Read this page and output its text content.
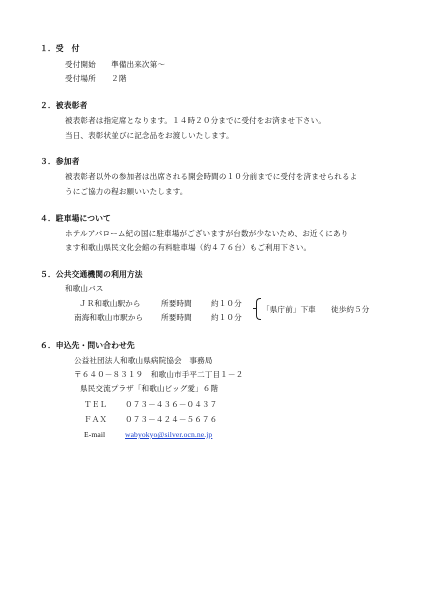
１．受　付
受付開始　　準備出来次第～
受付場所　　２階
２．被表彰者
被表彰者は指定席となります。１４時２０分までに受付をお済ませ下さい。
当日、表彰状並びに記念品をお渡しいたします。
３．参加者
被表彰者以外の参加者は出席される開会時間の１０分前までに受付を済ませられるよ
うにご協力の程お願いいたします。
４．駐車場について
ホテルアバローム紀の国に駐車場がございますが台数が少ないため、お近くにあり
ます和歌山県民文化会館の有料駐車場（約４７６台）もご利用下さい。
５．公共交通機関の利用方法
和歌山バス
ＪＲ和歌山駅から	所要時間	約１０分
南海和歌山市駅から 所要時間	約１０分
「県庁前」下車 徒歩約５分
６．申込先・問い合わせ先
公益社団法人和歌山県病院協会　事務局
〒６４０－８３１９　和歌山市手平二丁目１－２
県民交流プラザ「和歌山ビッグ愛」６階
ＴＥＬ ０７３－４３６－０４３７
ＦＡＸ ０７３－４２４－５６７６
E-mail	wabyokyo@silver.ocn.ne.jp
